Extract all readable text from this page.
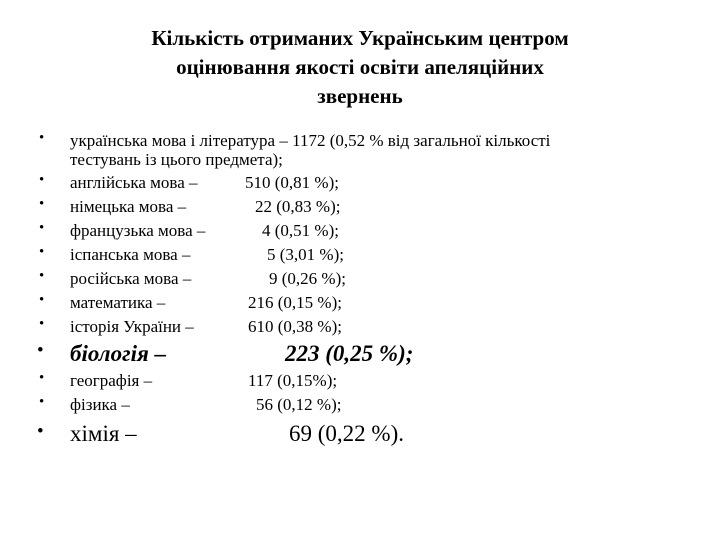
Кількість отриманих Українським центром
оцінювання якості освіти апеляційних
звернень
•
•
•
•
•
•
•
•
•
•
•
•
українська мова і література – 1172 (0,52 % від загальної кількості
тестувань із цього предмета);
англійська мова –	510 (0,81 %);
німецька мова –	22 (0,83 %);
французька мова –	4 (0,51 %);
іспанська мова –	5 (3,01 %);
російська мова –	9 (0,26 %);
математика –	216 (0,15 %);
історія України –	610 (0,38 %);
біологія –	223 (0,25 %);
географія –	117 (0,15%);
фізика –	56 (0,12 %);
хімія –	69 (0,22 %).
